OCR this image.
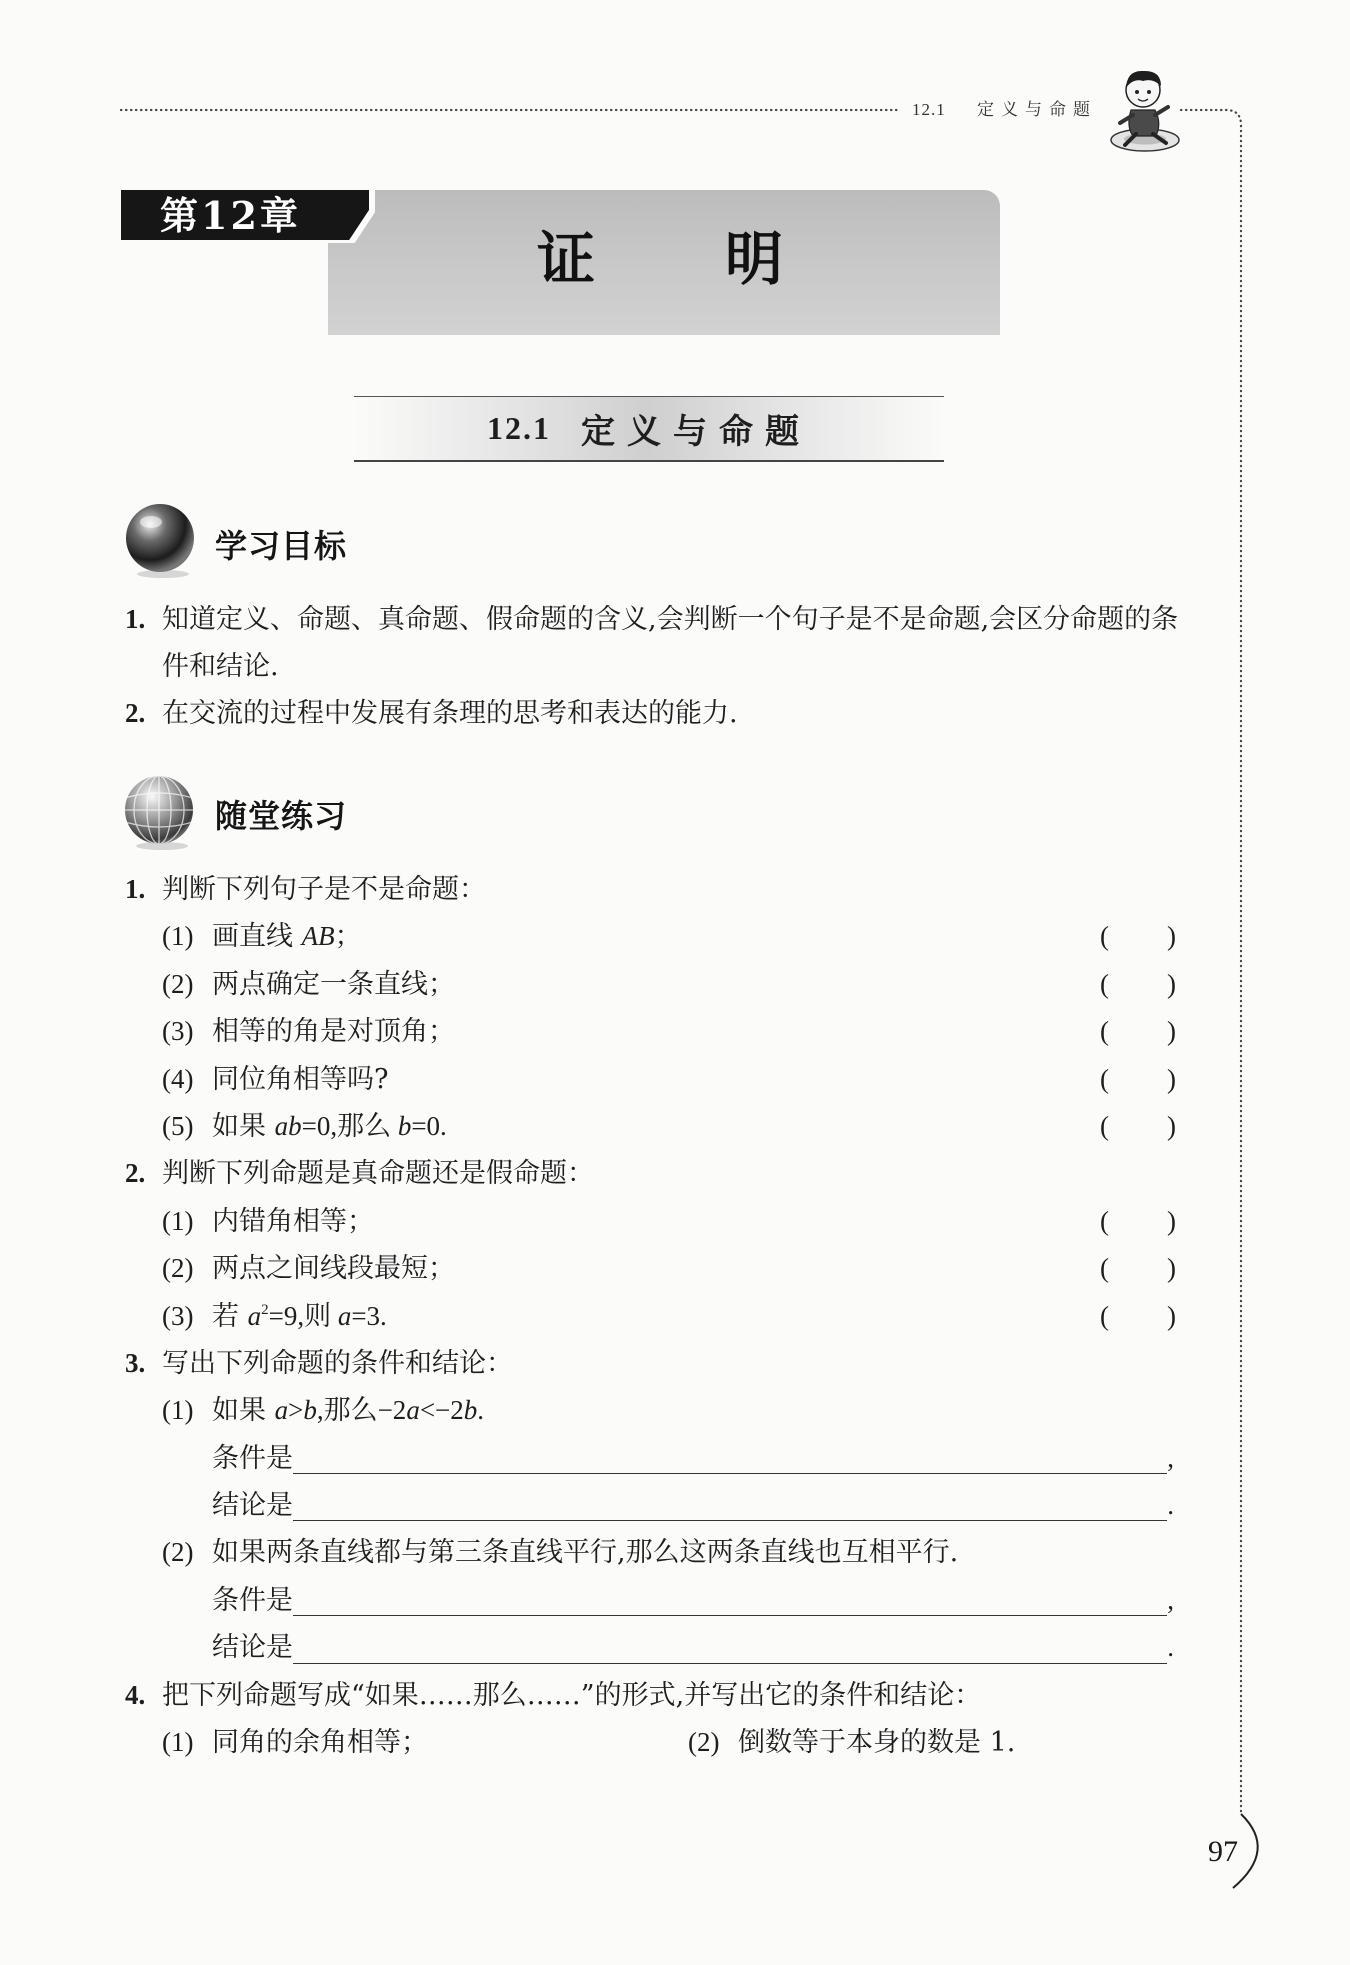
12.1 定义与命题
第12章
证明
12.1 定义与命题
学习目标
1. 知道定义、命题、真命题、假命题的含义,会判断一个句子是不是命题,会区分命题的条件和结论.
2. 在交流的过程中发展有条理的思考和表达的能力.
随堂练习
1. 判断下列句子是不是命题：
(1) 画直线 AB；	( )
(2) 两点确定一条直线；	( )
(3) 相等的角是对顶角；	( )
(4) 同位角相等吗?	( )
(5) 如果 ab=0,那么 b=0.	( )
2. 判断下列命题是真命题还是假命题：
(1) 内错角相等；	( )
(2) 两点之间线段最短；	( )
(3) 若 $a^2=9$,则 a=3.	( )
3. 写出下列命题的条件和结论：
(1) 如果 a>b,那么−2a<−2b.
条件是	,
结论是	.
(2) 如果两条直线都与第三条直线平行,那么这两条直线也互相平行.
条件是	,
结论是	.
4. 把下列命题写成“如果……那么……”的形式,并写出它的条件和结论：
(1) 同角的余角相等；	(2) 倒数等于本身的数是 1.
97
